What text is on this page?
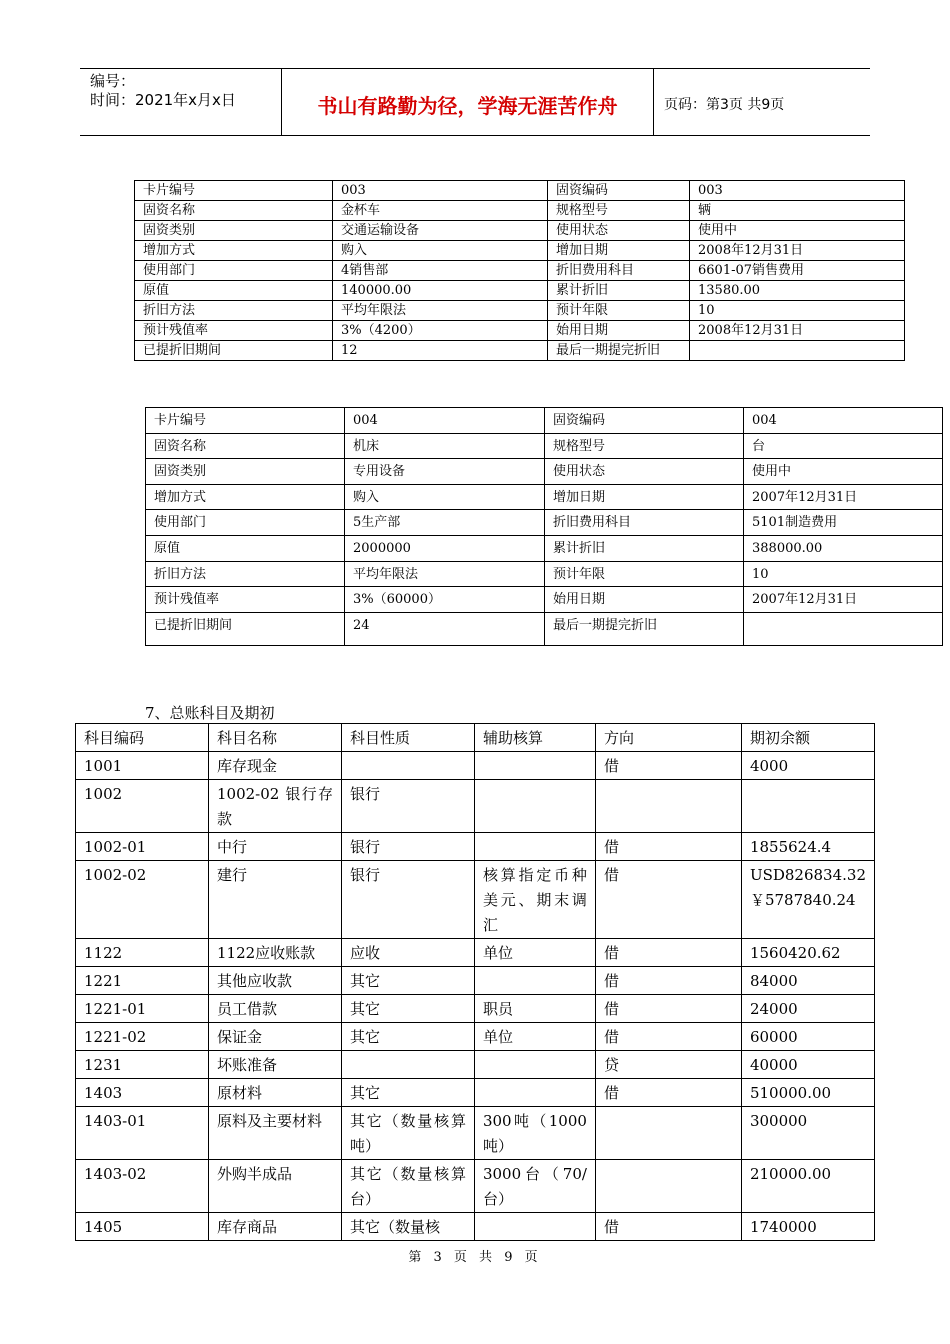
编号：
时间：2021年x月x日	书山有路勤为径，学海无涯苦作舟	页码：第3页 共9页
卡片编号	003	固资编码	003
固资名称	金杯车	规格型号	辆
固资类别	交通运输设备	使用状态	使用中
增加方式	购入	增加日期	2008年12月31日
使用部门	4销售部	折旧费用科目	6601-07销售费用
原值	140000.00	累计折旧	13580.00
折旧方法	平均年限法	预计年限	10
预计残值率	3%（4200）	始用日期	2008年12月31日
已提折旧期间	12	最后一期提完折旧	
卡片编号	004	固资编码	004
固资名称	机床	规格型号	台
固资类别	专用设备	使用状态	使用中
增加方式	购入	增加日期	2007年12月31日
使用部门	5生产部	折旧费用科目	5101制造费用
原值	2000000	累计折旧	388000.00
折旧方法	平均年限法	预计年限	10
预计残值率	3%（60000）	始用日期	2007年12月31日
已提折旧期间	24	最后一期提完折旧	
7、总账科目及期初
科目编码	科目名称	科目性质	辅助核算	方向	期初余额
1001	库存现金			借	4000
1002	1002-02 银行存款	银行			
1002-01	中行	银行		借	1855624.4
1002-02	建行	银行	核算指定币种美元、期末调汇	借	USD826834.32
￥5787840.24
1122	1122应收账款	应收	单位	借	1560420.62
1221	其他应收款	其它		借	84000
1221-01	员工借款	其它	职员	借	24000
1221-02	保证金	其它	单位	借	60000
1231	坏账准备			贷	40000
1403	原材料	其它		借	510000.00
1403-01	原料及主要材料	其它（数量核算吨）	300吨（1000吨）		300000
1403-02	外购半成品	其它（数量核算台）	3000台（70/台）		210000.00
1405	库存商品	其它（数量核		借	1740000
第 3 页 共 9 页
